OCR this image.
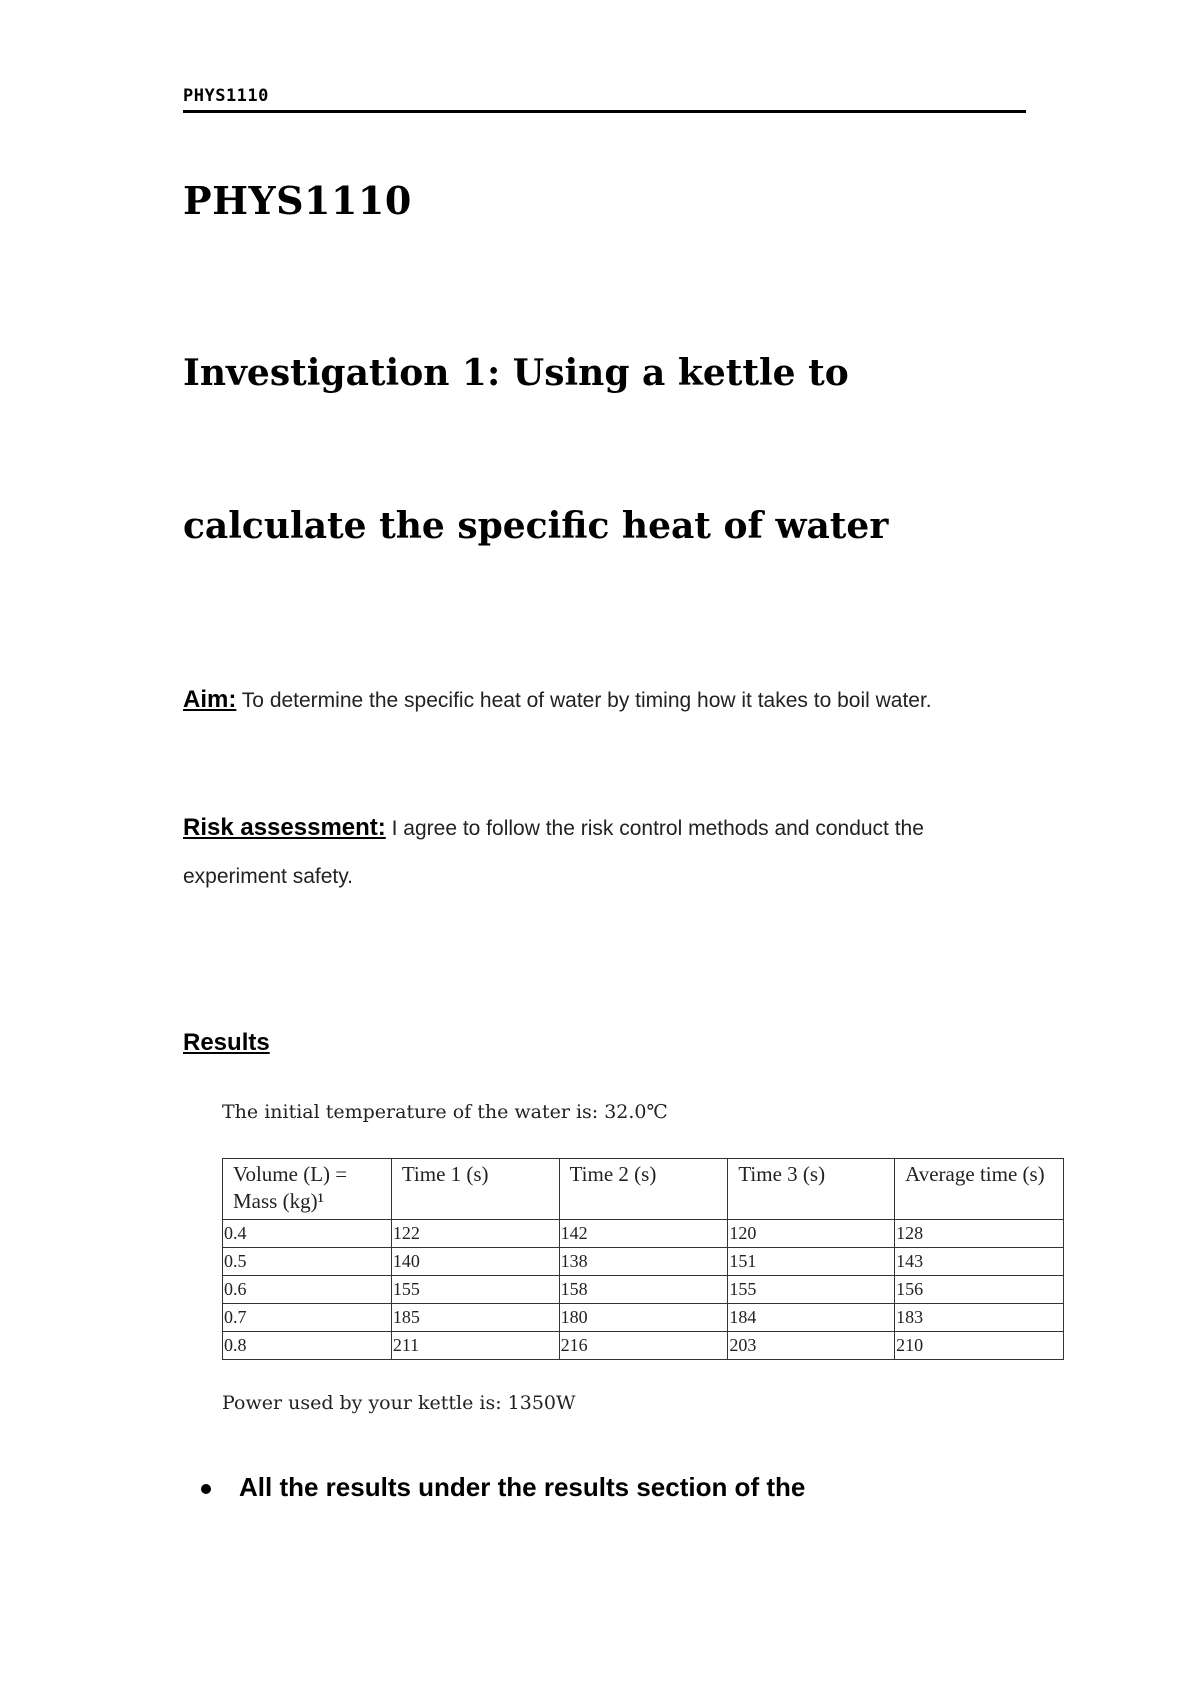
PHYS1110
PHYS1110
Investigation 1: Using a kettle to
calculate the specific heat of water
Aim: To determine the specific heat of water by timing how it takes to boil water.
Risk assessment: I agree to follow the risk control methods and conduct the experiment safety.
Results
The initial temperature of the water is: 32.0℃
Volume (L) = Mass (kg)¹	Time 1 (s)	Time 2 (s)	Time 3 (s)	Average time (s)
0.4	122	142	120	128
0.5	140	138	151	143
0.6	155	158	155	156
0.7	185	180	184	183
0.8	211	216	203	210
Power used by your kettle is: 1350W
All the results under the results section of the
